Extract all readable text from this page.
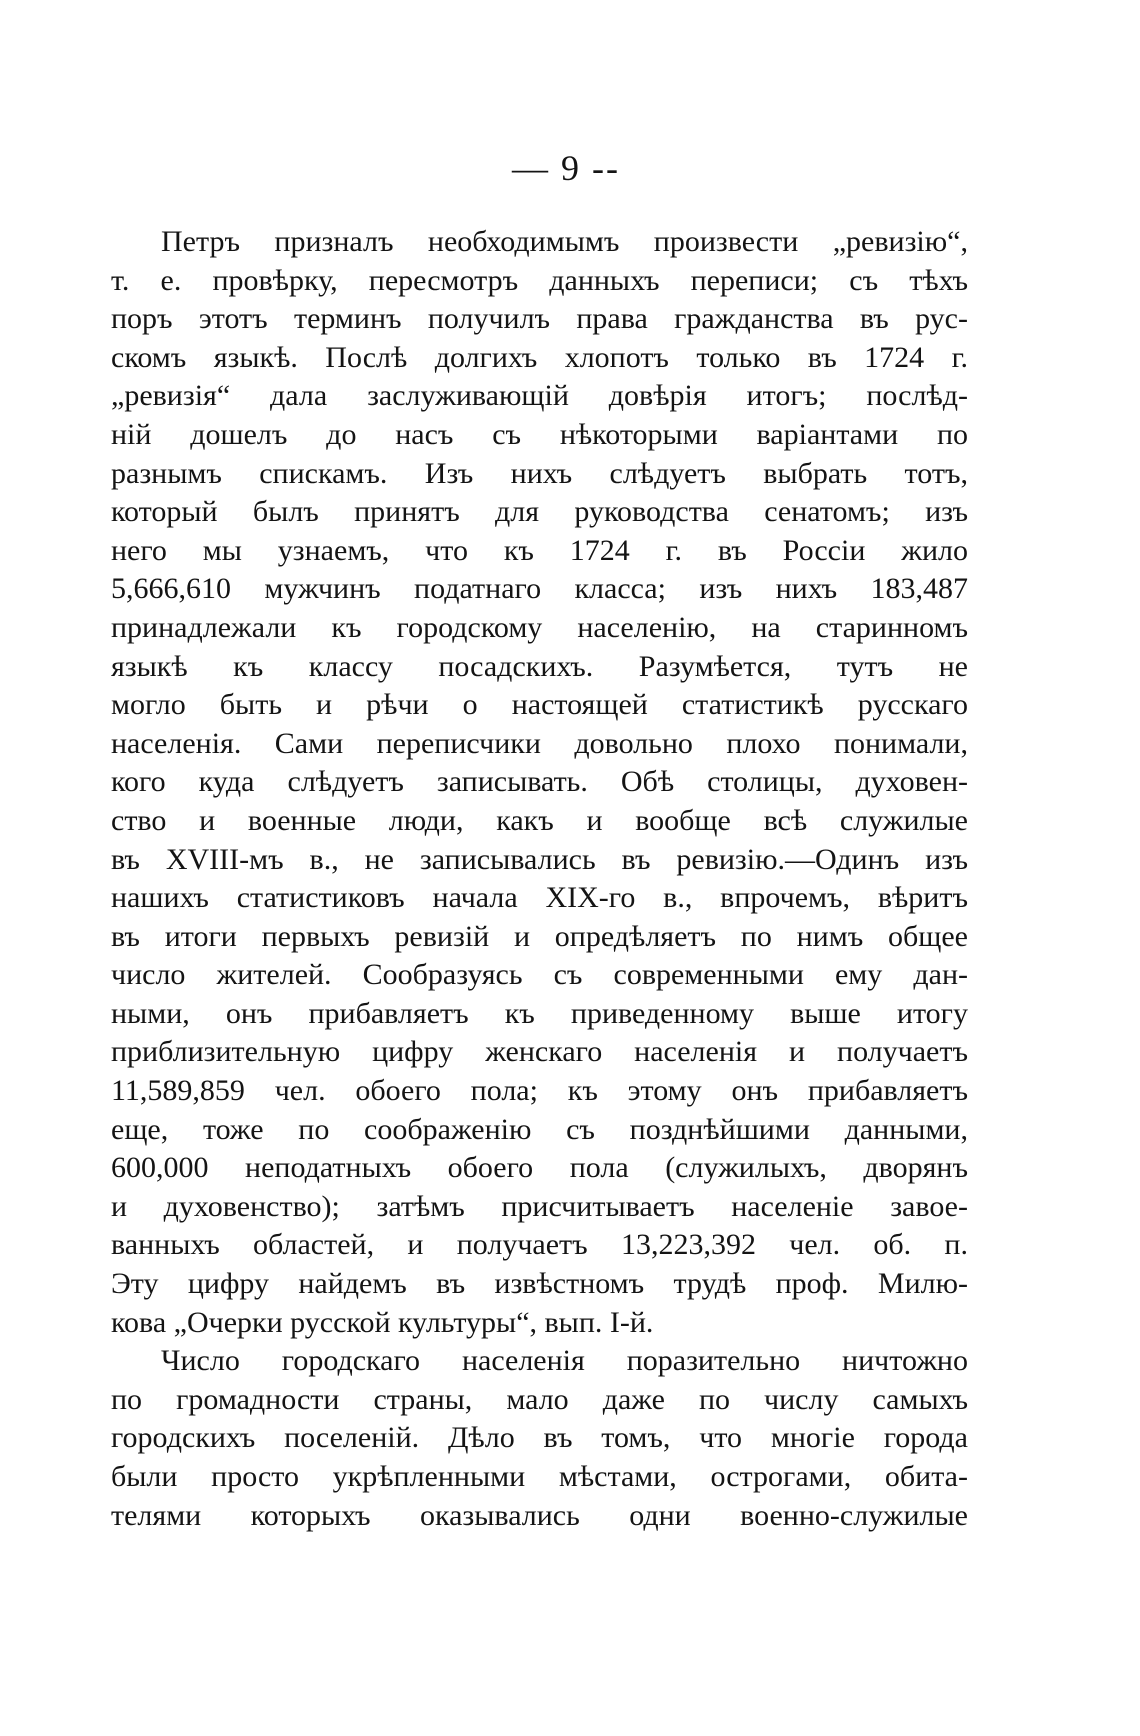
— 9 --
Петръ призналъ необходимымъ произвести „ревизiю“,
т. е. провѣрку, пересмотръ данныхъ переписи; съ тѣхъ
поръ этотъ терминъ получилъ права гражданства въ рус-
скомъ языкѣ. Послѣ долгихъ хлопотъ только въ 1724 г.
„ревизiя“ дала заслуживающiй довѣрiя итогъ; послѣд-
нiй дошелъ до насъ съ нѣкоторыми варiантами по
разнымъ спискамъ. Изъ нихъ слѣдуетъ выбрать тотъ,
который былъ принятъ для руководства сенатомъ; изъ
него мы узнаемъ, что къ 1724 г. въ Россiи жило
5,666,610 мужчинъ податнаго класса; изъ нихъ 183,487
принадлежали къ городскому населенiю, на старинномъ
языкѣ къ классу посадскихъ. Разумѣется, тутъ не
могло быть и рѣчи о настоящей статистикѣ русскаго
населенiя. Сами переписчики довольно плохо понимали,
кого куда слѣдуетъ записывать. Обѣ столицы, духовен-
ство и военные люди, какъ и вообще всѣ служилые
въ XVIII-мъ в., не записывались въ ревизiю.—Одинъ изъ
нашихъ статистиковъ начала XIX-го в., впрочемъ, вѣритъ
въ итоги первыхъ ревизiй и опредѣляетъ по нимъ общее
число жителей. Сообразуясь съ современными ему дан-
ными, онъ прибавляетъ къ приведенному выше итогу
приблизительную цифру женскаго населенiя и получаетъ
11,589,859 чел. обоего пола; къ этому онъ прибавляетъ
еще, тоже по соображенiю съ позднѣйшими данными,
600,000 неподатныхъ обоего пола (служилыхъ, дворянъ
и духовенство); затѣмъ присчитываетъ населенiе завое-
ванныхъ областей, и получаетъ 13,223,392 чел. об. п.
Эту цифру найдемъ въ извѣстномъ трудѣ проф. Милю-
кова „Очерки русской культуры“, вып. I-й.
Число городскаго населенiя поразительно ничтожно
по громадности страны, мало даже по числу самыхъ
городскихъ поселенiй. Дѣло въ томъ, что многiе города
были просто укрѣпленными мѣстами, острогами, обита-
телями которыхъ оказывались одни военно-служилые
